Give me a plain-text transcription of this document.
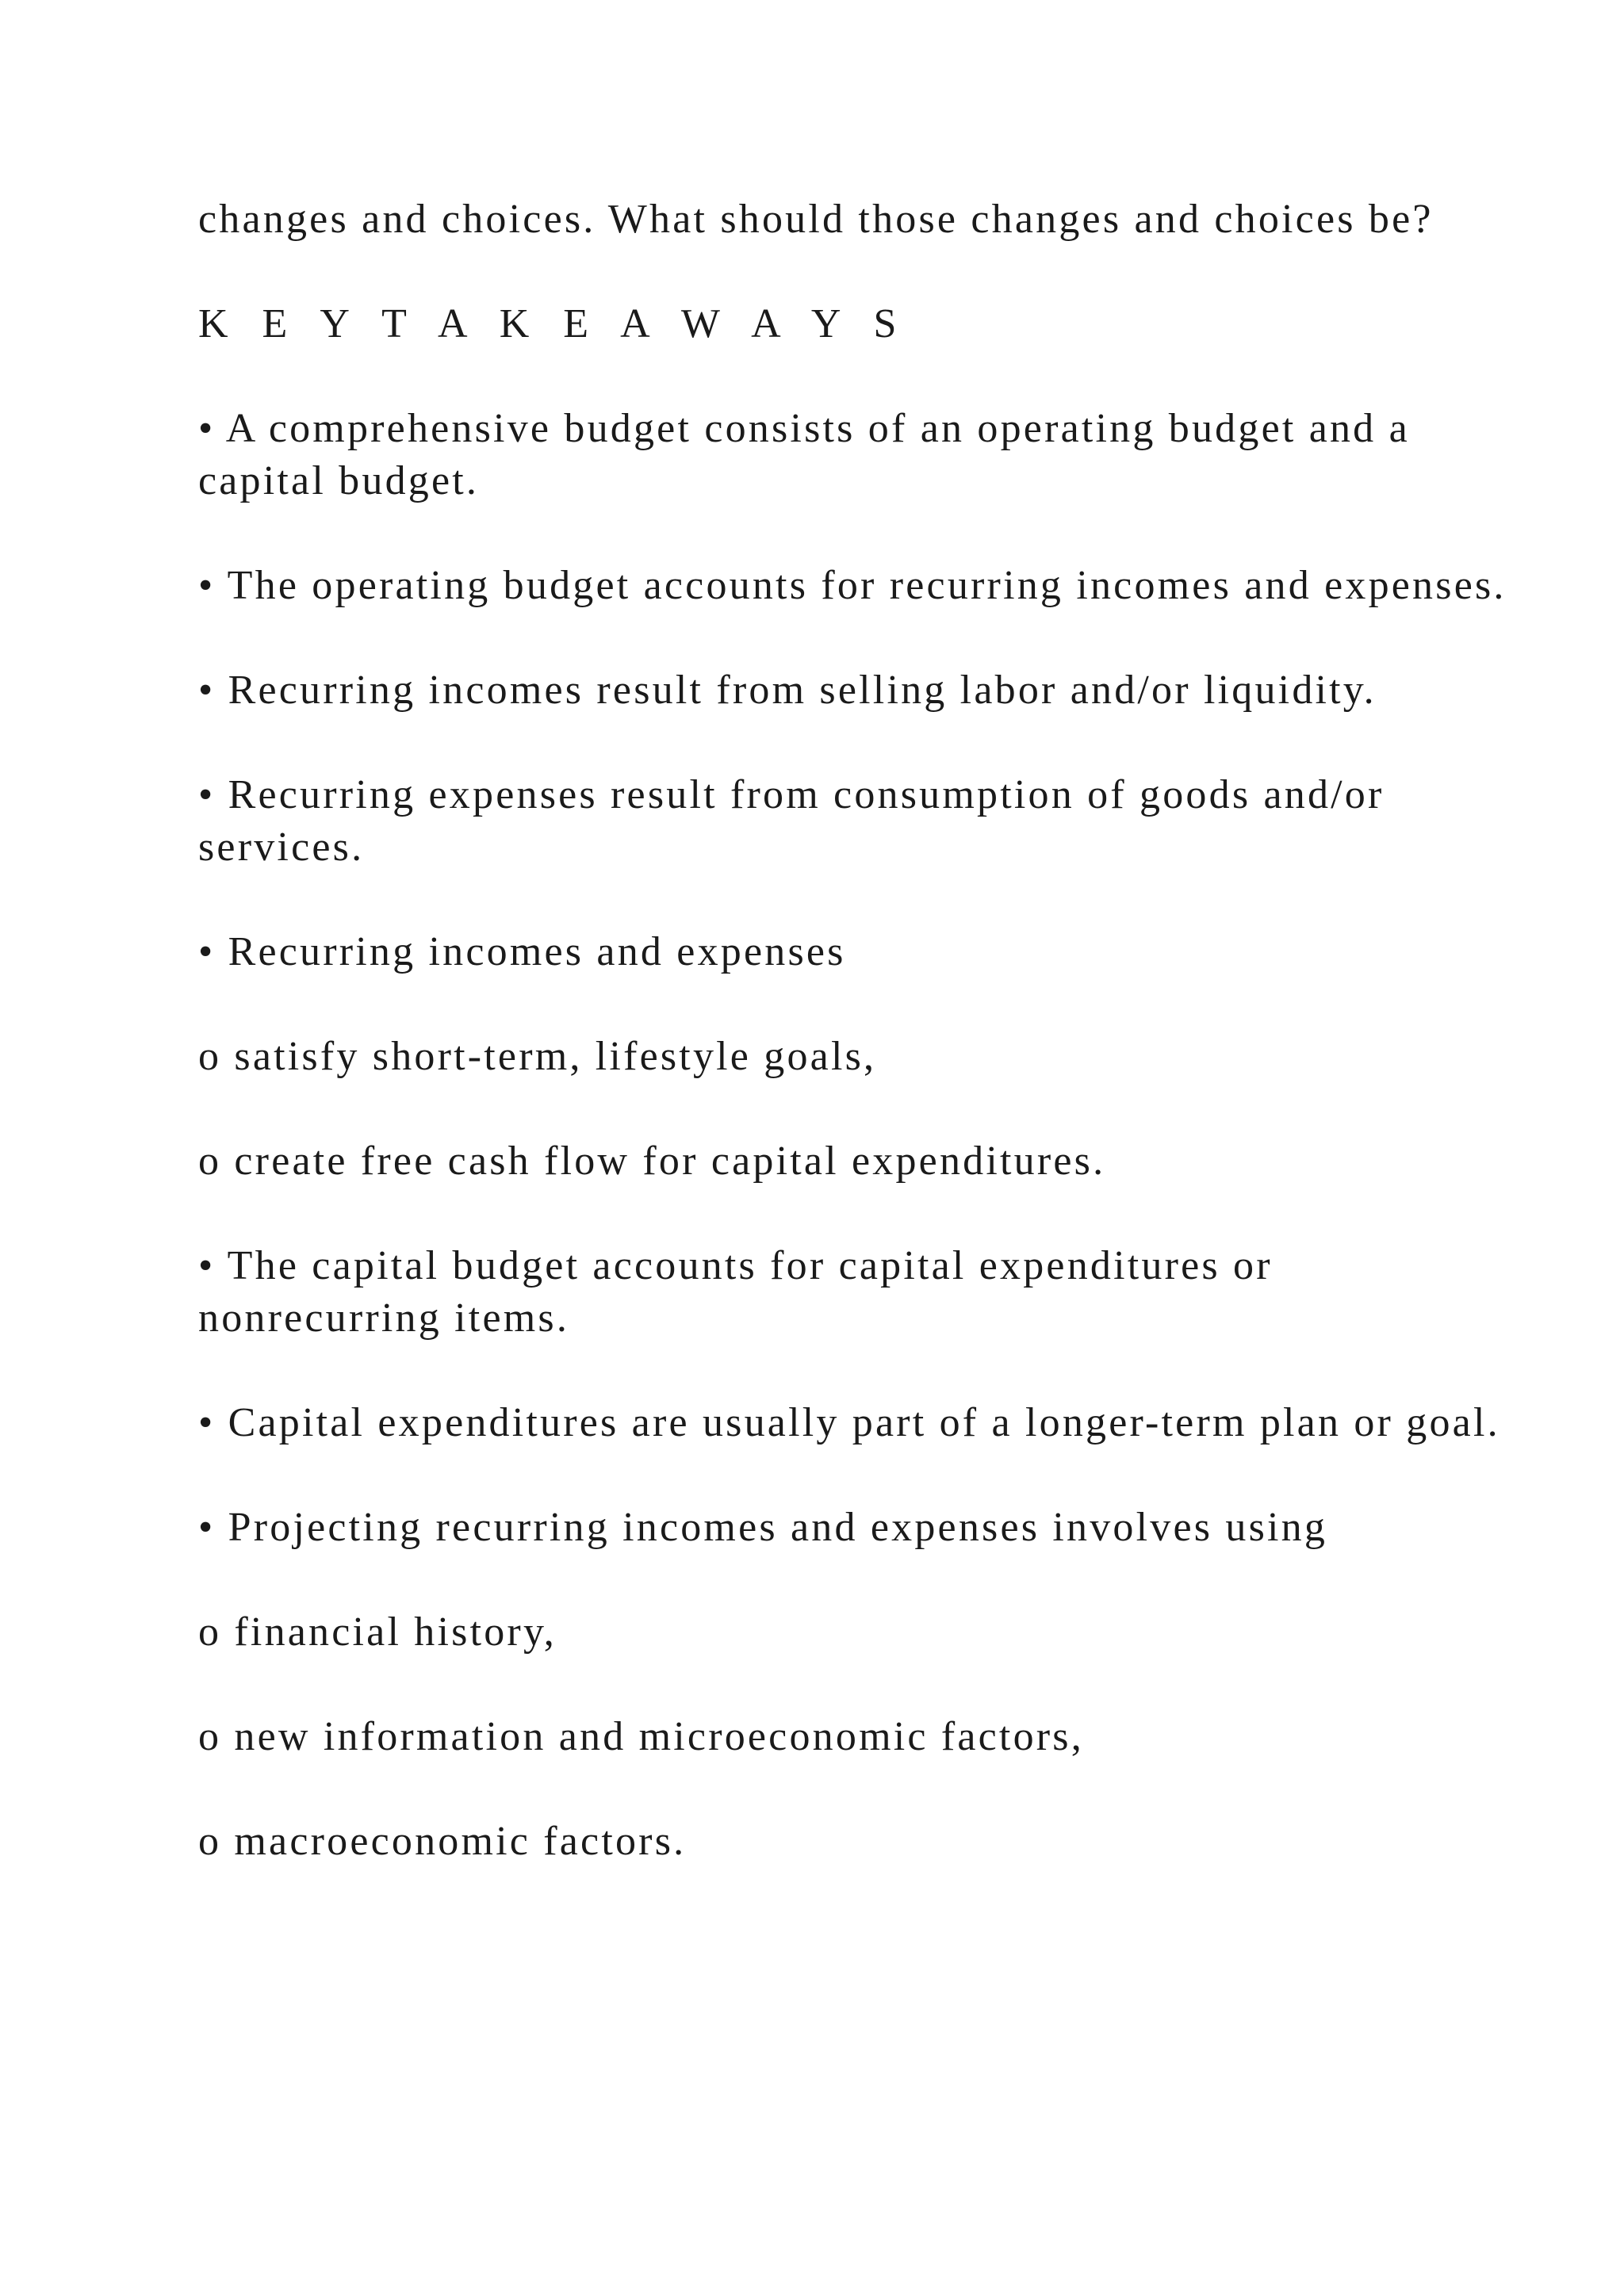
changes and choices. What should those changes and choices be?

K E Y T A K E A W A Y S

• A comprehensive budget consists of an operating budget and a capital budget.

• The operating budget accounts for recurring incomes and expenses.

• Recurring incomes result from selling labor and/or liquidity.

• Recurring expenses result from consumption of goods and/or services.

• Recurring incomes and expenses

o satisfy short-term, lifestyle goals,

o create free cash flow for capital expenditures.

• The capital budget accounts for capital expenditures or nonrecurring items.

• Capital expenditures are usually part of a longer-term plan or goal.

• Projecting recurring incomes and expenses involves using

o financial history,

o new information and microeconomic factors,

o macroeconomic factors.
